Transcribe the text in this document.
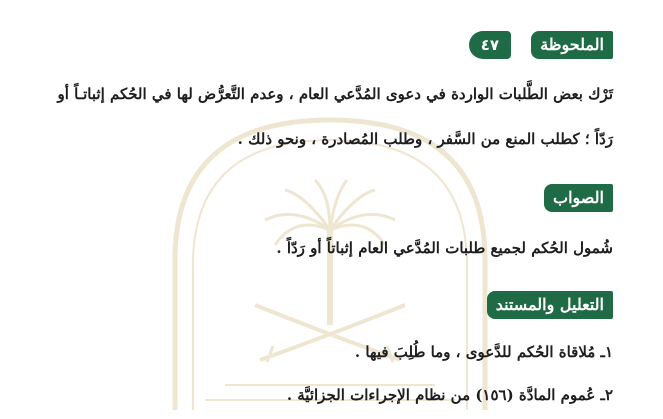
الملحوظة
٤٧
تَرْك بعض الطَّلبات الواردة في دعوى المُدَّعي العام ، وعدم التَّعرُّض لها في الحُكم إثباتـاً أو
رَدّاً ؛ كطلب المنع من السَّفر ، وطلب المُصادرة ، ونحو ذلك .
الصواب
شُمول الحُكم لجميع طلبات المُدَّعي العام إثباتاً أو رَدّاً .
التعليل والمستند
١ـ مُلاقاة الحُكم للدَّعوى ، وما طُلِبَ فيها .
٢ـ عُموم المادَّة (١٥٦) من نظام الإجراءات الجزائيَّة .
